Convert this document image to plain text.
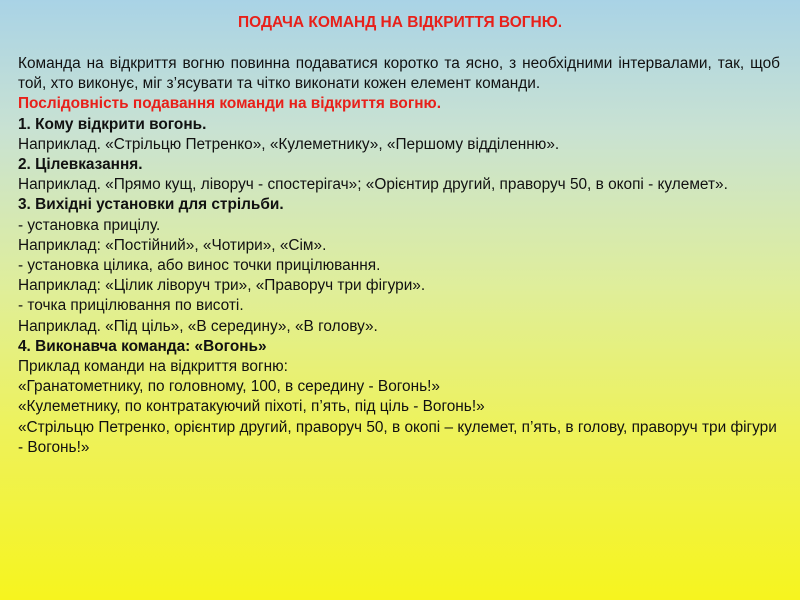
ПОДАЧА КОМАНД НА ВІДКРИТТЯ ВОГНЮ.

Команда на відкриття вогню повинна подаватися коротко та ясно, з необхідними інтервалами, так, щоб той, хто виконує, міг з’ясувати та чітко виконати кожен елемент команди.

Послідовність подавання команди на відкриття вогню.

1. Кому відкрити вогонь.

Наприклад. «Стрільцю Петренко», «Кулеметнику», «Першому відділенню».

2. Цілевказання.

Наприклад. «Прямо кущ, ліворуч - спостерігач»; «Орієнтир другий, праворуч 50, в окопі - кулемет».

3. Вихідні установки для стрільби.

- установка прицілу.

Наприклад: «Постійний», «Чотири», «Сім».

- установка цілика, або винос точки прицілювання.

Наприклад: «Цілик ліворуч три», «Праворуч три фігури».

- точка прицілювання по висоті.

Наприклад. «Під ціль», «В середину», «В голову».

4. Виконавча команда: «Вогонь»

Приклад команди на відкриття вогню:

«Гранатометнику, по головному, 100, в середину - Вогонь!»

«Кулеметнику, по контратакуючий піхоті, п’ять, під ціль - Вогонь!»

«Стрільцю Петренко, орієнтир другий, праворуч 50, в окопі – кулемет, п’ять, в голову, праворуч три фігури - Вогонь!»
